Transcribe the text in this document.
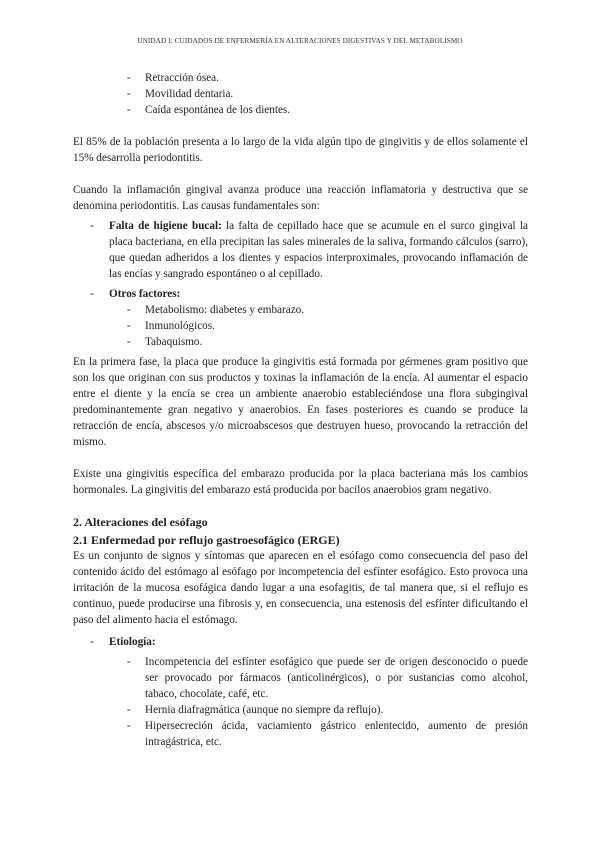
UNIDAD I: CUIDADOS DE ENFERMERÍA EN ALTERACIONES DIGESTIVAS Y DEL METABOLISMO
- Retracción ósea.
- Movilidad dentaria.
- Caída espontánea de los dientes.

El 85% de la población presenta a lo largo de la vida algún tipo de gingivitis y de ellos solamente el 15% desarrolla periodontitis.

Cuando la inflamación gingival avanza produce una reacción inflamatoria y destructiva que se denomina periodontitis. Las causas fundamentales son:

- Falta de higiene bucal: la falta de cepillado hace que se acumule en el surco gingival la placa bacteriana, en ella precipitan las sales minerales de la saliva, formando cálculos (sarro), que quedan adheridos a los dientes y espacios interproximales, provocando inflamación de las encías y sangrado espontáneo o al cepillado.
- Otros factores:
- Metabolismo: diabetes y embarazo.
- Inmunológicos.
- Tabaquismo.

En la primera fase, la placa que produce la gingivitis está formada por gérmenes gram positivo que son los que originan con sus productos y toxinas la inflamación de la encía. Al aumentar el espacio entre el diente y la encía se crea un ambiente anaerobio estableciéndose una flora subgingival predominantemente gran negativo y anaerobios. En fases posteriores es cuando se produce la retracción de encía, abscesos y/o microabscesos que destruyen hueso, provocando la retracción del mismo.

Existe una gingivitis específica del embarazo producida por la placa bacteriana más los cambios hormonales. La gingivitis del embarazo está producida por bacilos anaerobios gram negativo.

2. Alteraciones del esófago
2.1 Enfermedad por reflujo gastroesofágico (ERGE)

Es un conjunto de signos y síntomas que aparecen en el esófago como consecuencia del paso del contenido ácido del estómago al esófago por incompetencia del esfínter esofágico. Esto provoca una irritación de la mucosa esofágica dando lugar a una esofagitis, de tal manera que, si el reflujo es continuo, puede producirse una fibrosis y, en consecuencia, una estenosis del esfínter dificultando el paso del alimento hacia el estómago.

- Etiología:
- Incompetencia del esfínter esofágico que puede ser de origen desconocido o puede ser provocado por fármacos (anticolinérgicos), o por sustancias como alcohol, tabaco, chocolate, café, etc.
- Hernia diafragmática (aunque no siempre da reflujo).
- Hipersecreción ácida, vaciamiento gástrico enlentecido, aumento de presión intragástrica, etc.
